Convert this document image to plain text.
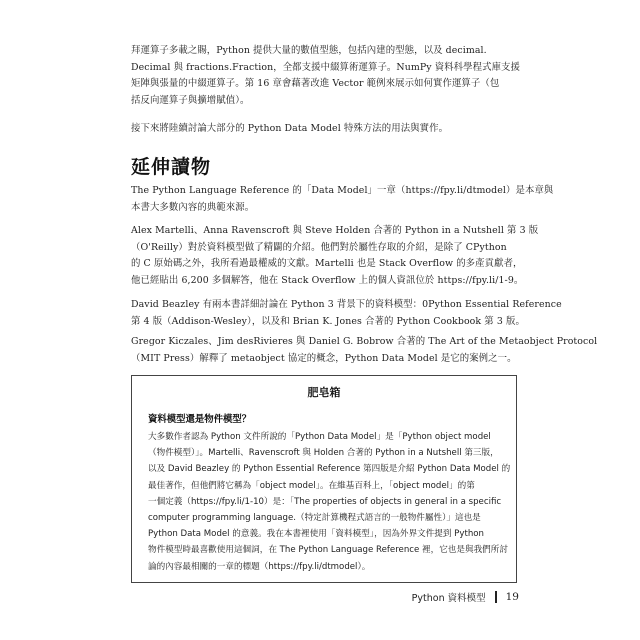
拜運算子多載之賜，Python 提供大量的數值型態，包括內建的型態，以及 decimal.
Decimal 與 fractions.Fraction，全都支援中綴算術運算子。NumPy 資料科學程式庫支援
矩陣與張量的中綴運算子。第 16 章會藉著改進 Vector 範例來展示如何實作運算子（包
括反向運算子與擴增賦值）。
接下來將陸續討論大部分的 Python Data Model 特殊方法的用法與實作。
延伸讀物
The Python Language Reference 的「Data Model」一章（https://fpy.li/dtmodel）是本章與
本書大多數內容的典範來源。
Alex Martelli、Anna Ravenscroft 與 Steve Holden 合著的 Python in a Nutshell 第 3 版
（O'Reilly）對於資料模型做了精闢的介紹。他們對於屬性存取的介紹，是除了 CPython
的 C 原始碼之外，我所看過最權威的文獻。Martelli 也是 Stack Overflow 的多產貢獻者，
他已經貼出 6,200 多個解答，他在 Stack Overflow 上的個人資訊位於 https://fpy.li/1-9。
David Beazley 有兩本書詳細討論在 Python 3 背景下的資料模型：0Python Essential Reference
第 4 版（Addison-Wesley），以及和 Brian K. Jones 合著的 Python Cookbook 第 3 版。
Gregor Kiczales、Jim desRivieres 與 Daniel G. Bobrow 合著的 The Art of the Metaobject Protocol
（MIT Press）解釋了 metaobject 協定的概念，Python Data Model 是它的案例之一。
肥皂箱
資料模型還是物件模型？
大多數作者認為 Python 文件所說的「Python Data Model」是「Python object model
（物件模型）」。Martelli、Ravenscroft 與 Holden 合著的 Python in a Nutshell 第三版，
以及 David Beazley 的 Python Essential Reference 第四版是介紹 Python Data Model 的
最佳著作，但他們將它稱為「object model」。在維基百科上，「object model」的第
一個定義（https://fpy.li/1-10）是：「The properties of objects in general in a specific
computer programming language.（特定計算機程式語言的一般物件屬性）」這也是
Python Data Model 的意義。我在本書裡使用「資料模型」，因為外界文件提到 Python
物件模型時最喜歡使用這個詞，在 The Python Language Reference 裡，它也是與我們所討
論的內容最相關的一章的標題（https://fpy.li/dtmodel）。
Python 資料模型 19
